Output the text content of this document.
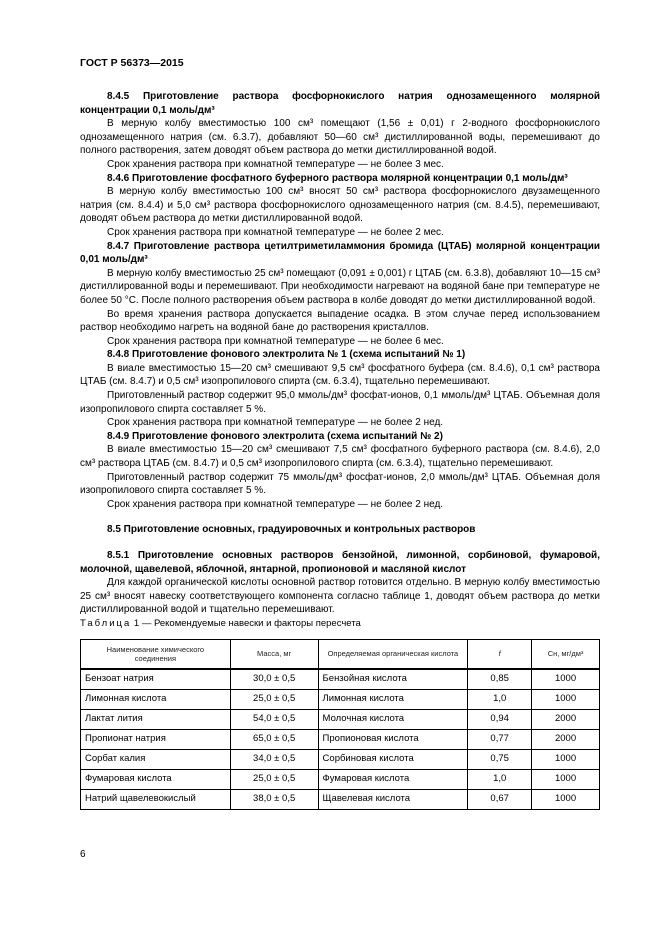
ГОСТ Р 56373—2015

8.4.5 Приготовление раствора фосфорнокислого натрия однозамещенного молярной концентрации 0,1 моль/дм³

В мерную колбу вместимостью 100 см³ помещают (1,56 ± 0,01) г 2-водного фосфорнокислого однозамещенного натрия (см. 6.3.7), добавляют 50—60 см³ дистиллированной воды, перемешивают до полного растворения, затем доводят объем раствора до метки дистиллированной водой.

Срок хранения раствора при комнатной температуре — не более 3 мес.

8.4.6 Приготовление фосфатного буферного раствора молярной концентрации 0,1 моль/дм³

В мерную колбу вместимостью 100 см³ вносят 50 см³ раствора фосфорнокислого двузамещенного натрия (см. 8.4.4) и 5,0 см³ раствора фосфорнокислого однозамещенного натрия (см. 8.4.5), перемешивают, доводят объем раствора до метки дистиллированной водой.

Срок хранения раствора при комнатной температуре — не более 2 мес.

8.4.7 Приготовление раствора цетилтриметиламмония бромида (ЦТАБ) молярной концентрации 0,01 моль/дм³

В мерную колбу вместимостью 25 см³ помещают (0,091 ± 0,001) г ЦТАБ (см. 6.3.8), добавляют 10—15 см³ дистиллированной воды и перемешивают. При необходимости нагревают на водяной бане при температуре не более 50 °С. После полного растворения объем раствора в колбе доводят до метки дистиллированной водой.

Во время хранения раствора допускается выпадение осадка. В этом случае перед использованием раствор необходимо нагреть на водяной бане до растворения кристаллов.

Срок хранения раствора при комнатной температуре — не более 6 мес.

8.4.8 Приготовление фонового электролита № 1 (схема испытаний № 1)

В виале вместимостью 15—20 см³ смешивают 9,5 см³ фосфатного буфера (см. 8.4.6), 0,1 см³ раствора ЦТАБ (см. 8.4.7) и 0,5 см³ изопропилового спирта (см. 6.3.4), тщательно перемешивают.

Приготовленный раствор содержит 95,0 ммоль/дм³ фосфат-ионов, 0,1 ммоль/дм³ ЦТАБ. Объемная доля изопропилового спирта составляет 5 %.

Срок хранения раствора при комнатной температуре — не более 2 нед.

8.4.9 Приготовление фонового электролита (схема испытаний № 2)

В виале вместимостью 15—20 см³ смешивают 7,5 см³ фосфатного буферного раствора (см. 8.4.6), 2,0 см³ раствора ЦТАБ (см. 8.4.7) и 0,5 см³ изопропилового спирта (см. 6.3.4), тщательно перемешивают.

Приготовленный раствор содержит 75 ммоль/дм³ фосфат-ионов, 2,0 ммоль/дм³ ЦТАБ. Объемная доля изопропилового спирта составляет 5 %.

Срок хранения раствора при комнатной температуре — не более 2 нед.

8.5 Приготовление основных, градуировочных и контрольных растворов

8.5.1 Приготовление основных растворов бензойной, лимонной, сорбиновой, фумаровой, молочной, щавелевой, яблочной, янтарной, пропионовой и масляной кислот

Для каждой органической кислоты основной раствор готовится отдельно. В мерную колбу вместимостью 25 см³ вносят навеску соответствующего компонента согласно таблице 1, доводят объем раствора до метки дистиллированной водой и тщательно перемешивают.

Таблица 1 — Рекомендуемые навески и факторы пересчета

Наименование химического соединения	Масса, мг	Определяемая органическая кислота	f	Cн, мг/дм³
Бензоат натрия	30,0 ± 0,5	Бензойная кислота	0,85	1000
Лимонная кислота	25,0 ± 0,5	Лимонная кислота	1,0	1000
Лактат лития	54,0 ± 0,5	Молочная кислота	0,94	2000
Пропионат натрия	65,0 ± 0,5	Пропионовая кислота	0,77	2000
Сорбат калия	34,0 ± 0,5	Сорбиновая кислота	0,75	1000
Фумаровая кислота	25,0 ± 0,5	Фумаровая кислота	1,0	1000
Натрий щавелевокислый	38,0 ± 0,5	Щавелевая кислота	0,67	1000
6
